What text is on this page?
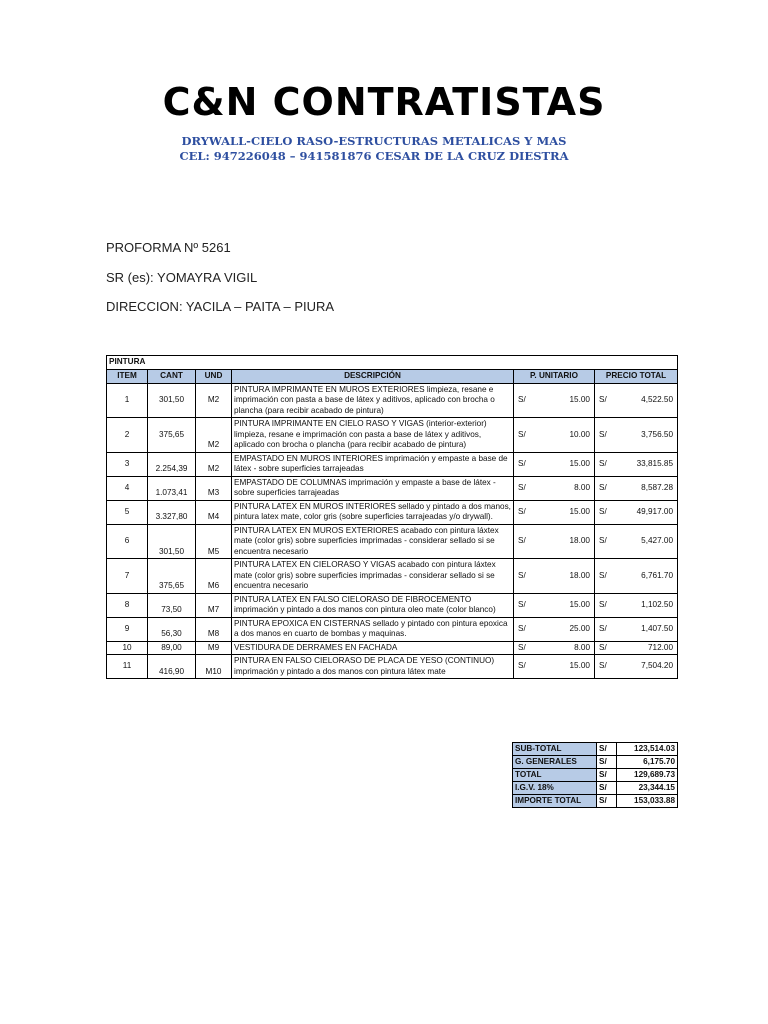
C&N CONTRATISTAS
DRYWALL-CIELO RASO-ESTRUCTURAS METALICAS Y MAS
CEL: 947226048 – 941581876 CESAR DE LA CRUZ DIESTRA
PROFORMA Nº 5261
SR (es): YOMAYRA VIGIL
DIRECCION: YACILA – PAITA – PIURA
PINTURA					
ITEM	CANT	UND	DESCRIPCIÓN	P. UNITARIO	PRECIO TOTAL
1	301,50	M2	PINTURA IMPRIMANTE EN MUROS EXTERIORES limpieza, resane e imprimación con pasta a base de látex y aditivos, aplicado con brocha o plancha (para recibir acabado de pintura)	S/ 15.00	S/ 4,522.50

2	375,65	M2	PINTURA IMPRIMANTE EN CIELO RASO Y VIGAS (interior-exterior) limpieza, resane e imprimación con pasta a base de látex y aditivos, aplicado con brocha o plancha (para recibir acabado de pintura)	S/ 10.00	S/ 3,756.50

3	2.254,39	M2	EMPASTADO EN MUROS INTERIORES imprimación y empaste a base de látex - sobre superficies tarrajeadas	S/ 15.00	S/ 33,815.85

4	1.073,41	M3	EMPASTADO DE COLUMNAS imprimación y empaste a base de látex - sobre superficies tarrajeadas	S/ 8.00	S/ 8,587.28

5	3.327,80	M4	PINTURA LATEX EN MUROS INTERIORES sellado y pintado a dos manos, pintura latex mate, color gris (sobre superficies tarrajeadas y/o drywall).	S/ 15.00	S/ 49,917.00

6	301,50	M5	PINTURA LATEX EN MUROS EXTERIORES acabado con pintura láxtex mate (color gris) sobre superficies imprimadas - considerar sellado si se encuentra necesario	S/ 18.00	S/ 5,427.00

7	375,65	M6	PINTURA LATEX EN CIELORASO Y VIGAS acabado con pintura láxtex mate (color gris) sobre superficies imprimadas - considerar sellado si se encuentra necesario	S/ 18.00	S/ 6,761.70

8	73,50	M7	PINTURA LATEX EN FALSO CIELORASO DE FIBROCEMENTO imprimación y pintado a dos manos con pintura oleo mate (color blanco)	S/ 15.00	S/ 1,102.50

9	56,30	M8	PINTURA EPOXICA EN CISTERNAS sellado y pintado con pintura epoxica a dos manos en cuarto de bombas y maquinas.	S/ 25.00	S/ 1,407.50

10	89,00	M9	VESTIDURA DE DERRAMES EN FACHADA	S/ 8.00	S/ 712.00

11	416,90	M10	PINTURA EN FALSO CIELORASO DE PLACA DE YESO (CONTINUO) imprimación y pintado a dos manos con pintura látex mate	S/ 15.00	S/ 7,504.20
SUB-TOTAL	S/	123,514.03
G. GENERALES	S/	6,175.70
TOTAL	S/	129,689.73
I.G.V. 18%	S/	23,344.15
IMPORTE TOTAL	S/	153,033.88
